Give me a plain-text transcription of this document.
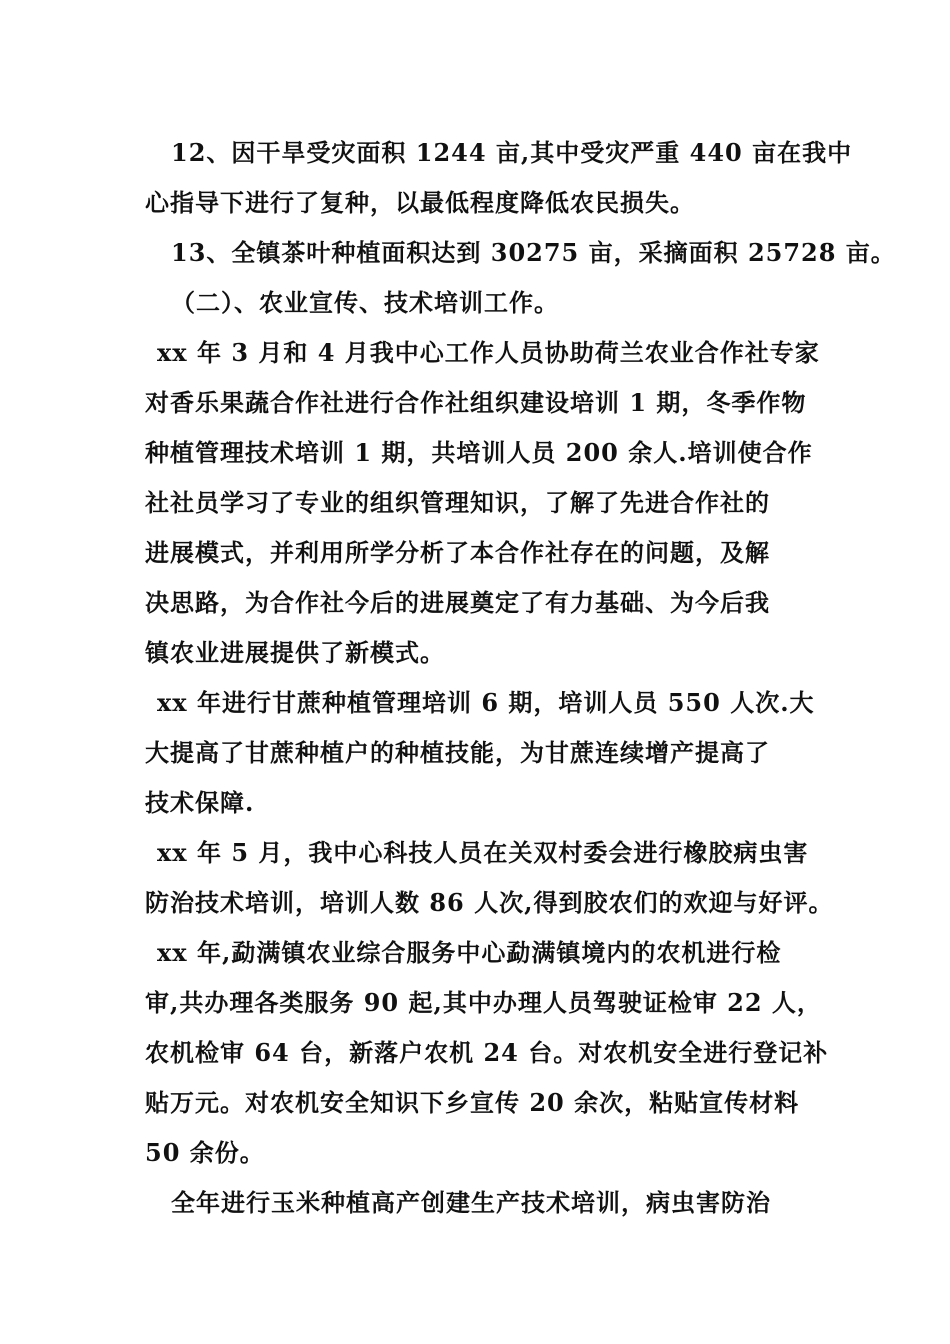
12、因干旱受灾面积 1244 亩,其中受灾严重 440 亩在我中
心指导下进行了复种，以最低程度降低农民损失。
13、全镇茶叶种植面积达到 30275 亩，采摘面积 25728 亩。
（二）、农业宣传、技术培训工作。
xx 年 3 月和 4 月我中心工作人员协助荷兰农业合作社专家
对香乐果蔬合作社进行合作社组织建设培训 1 期，冬季作物
种植管理技术培训 1 期，共培训人员 200 余人.培训使合作
社社员学习了专业的组织管理知识，了解了先进合作社的
进展模式，并利用所学分析了本合作社存在的问题，及解
决思路，为合作社今后的进展奠定了有力基础、为今后我
镇农业进展提供了新模式。
xx 年进行甘蔗种植管理培训 6 期，培训人员 550 人次.大
大提高了甘蔗种植户的种植技能，为甘蔗连续增产提高了
技术保障.
xx 年 5 月，我中心科技人员在关双村委会进行橡胶病虫害
防治技术培训，培训人数 86 人次,得到胶农们的欢迎与好评。
xx 年,勐满镇农业综合服务中心勐满镇境内的农机进行检
审,共办理各类服务 90 起,其中办理人员驾驶证检审 22 人，
农机检审 64 台，新落户农机 24 台。对农机安全进行登记补
贴万元。对农机安全知识下乡宣传 20 余次，粘贴宣传材料
50 余份。
全年进行玉米种植高产创建生产技术培训，病虫害防治
